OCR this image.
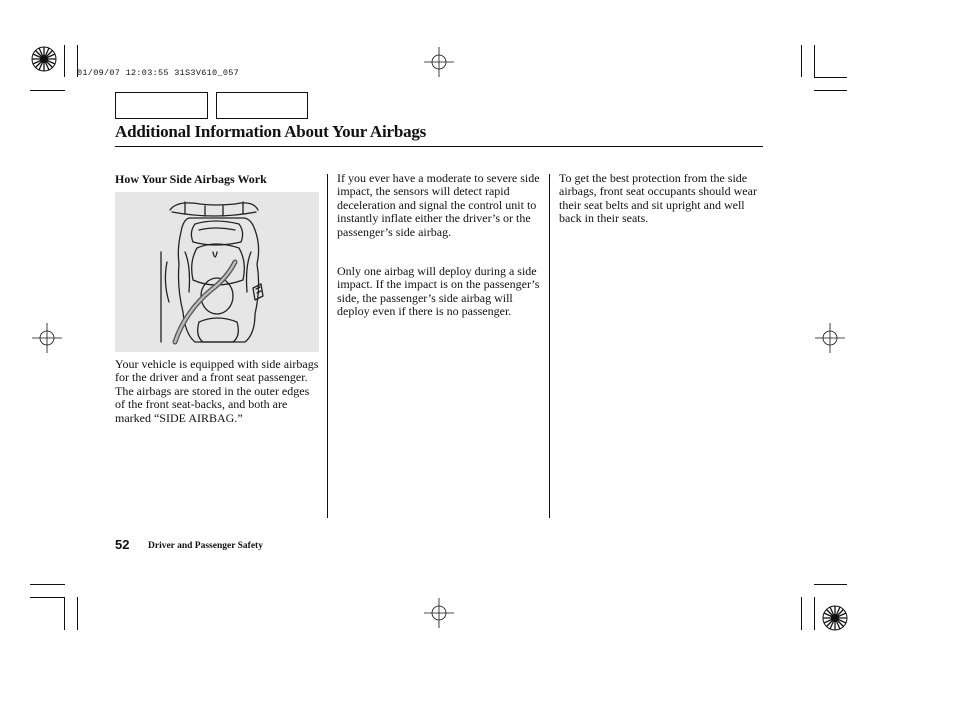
01/09/07 12:03:55 31S3V610_057
Additional Information About Your Airbags
How Your Side Airbags Work

Your vehicle is equipped with side airbags for the driver and a front seat passenger. The airbags are stored in the outer edges of the front seat-backs, and both are marked “SIDE AIRBAG.”

If you ever have a moderate to severe side impact, the sensors will detect rapid deceleration and signal the control unit to instantly inflate either the driver’s or the passenger’s side airbag.

Only one airbag will deploy during a side impact. If the impact is on the passenger’s side, the passenger’s side airbag will deploy even if there is no passenger.

To get the best protection from the side airbags, front seat occupants should wear their seat belts and sit upright and well back in their seats.

52 Driver and Passenger Safety
